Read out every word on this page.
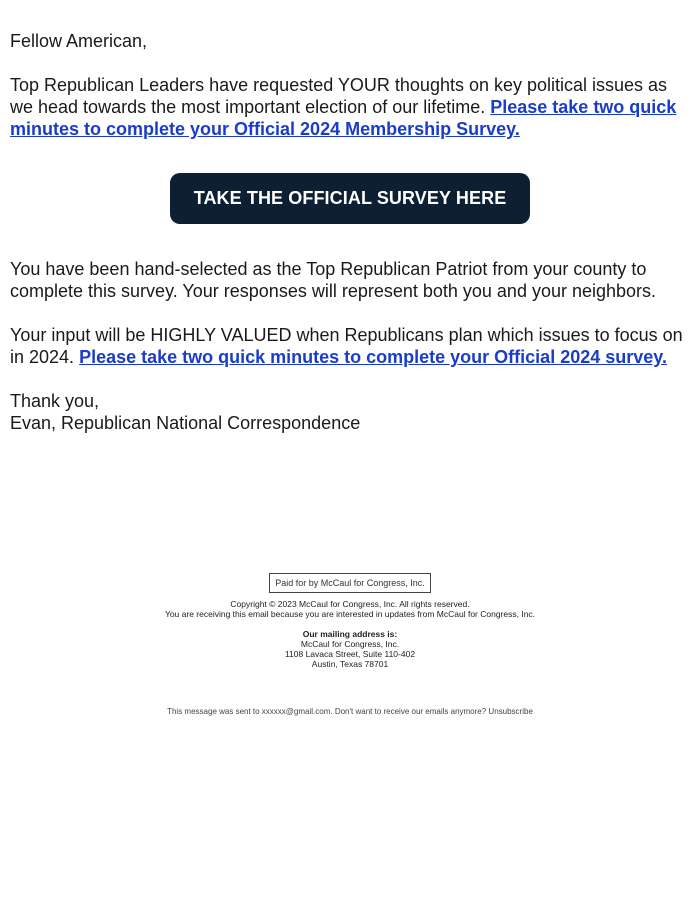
Fellow American,

Top Republican Leaders have requested YOUR thoughts on key political issues as we head towards the most important election of our lifetime. Please take two quick minutes to complete your Official 2024 Membership Survey.

TAKE THE OFFICIAL SURVEY HERE

You have been hand-selected as the Top Republican Patriot from your county to complete this survey. Your responses will represent both you and your neighbors.

Your input will be HIGHLY VALUED when Republicans plan which issues to focus on in 2024. Please take two quick minutes to complete your Official 2024 survey.

Thank you,

Evan, Republican National Correspondence

Paid for by McCaul for Congress, Inc.
Copyright © 2023 McCaul for Congress, Inc. All rights reserved.
You are receiving this email because you are interested in updates from McCaul for Congress, Inc.
Our mailing address is:
McCaul for Congress, Inc.
1108 Lavaca Street, Suite 110-402
Austin, Texas 78701
This message was sent to xxxxxx@gmail.com. Don't want to receive our emails anymore? Unsubscribe
